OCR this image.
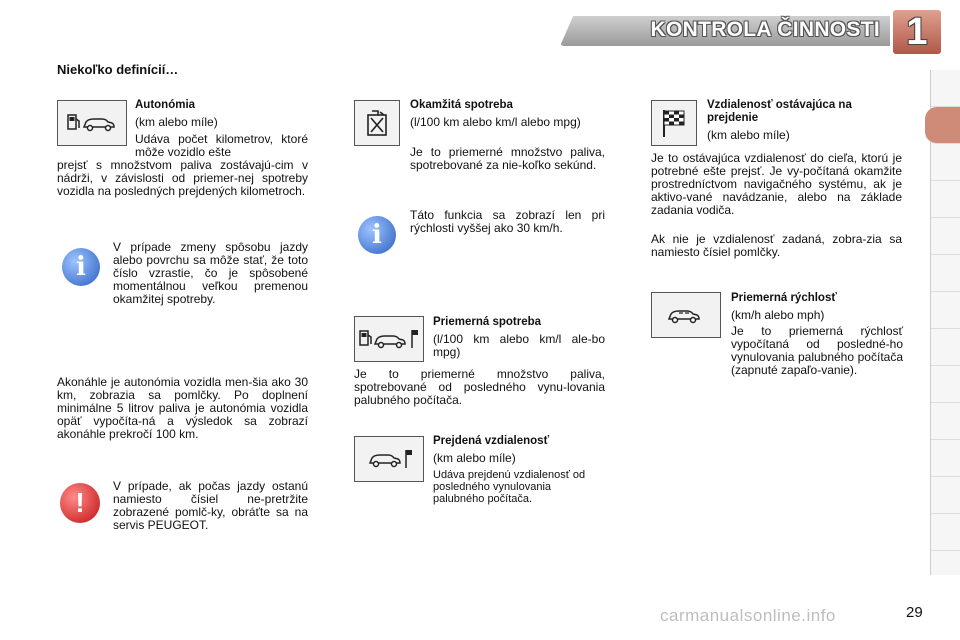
KONTROLA ČINNOSTI 1
Niekoľko definícií…
Autonómia
(km alebo míle)
Udáva počet kilometrov, ktoré môže vozidlo ešte
prejsť s množstvom paliva zostávajú-cim v nádrži, v závislosti od priemer-nej spotreby vozidla na posledných prejdených kilometroch.
i
V prípade zmeny spôsobu jazdy alebo povrchu sa môže stať, že toto číslo vzrastie, čo je spôsobené momentálnou veľkou premenou okamžitej spotreby.
Akonáhle je autonómia vozidla men-šia ako 30 km, zobrazia sa pomlčky. Po doplnení minimálne 5 litrov paliva je autonómia vozidla opäť vypočíta-ná a výsledok sa zobrazí akonáhle prekročí 100 km.
!
V prípade, ak počas jazdy ostanú namiesto čísiel ne-pretržite zobrazené pomlč-ky, obráťte sa na servis PEUGEOT.
Okamžitá spotreba
(l/100 km alebo km/l alebo mpg)
Je to priemerné množstvo paliva, spotrebované za nie-koľko sekúnd.
i
Táto funkcia sa zobrazí len pri rýchlosti vyššej ako 30 km/h.
Priemerná spotreba
(l/100 km alebo km/l ale-bo mpg)
Je to priemerné množstvo paliva, spotrebované od posledného vynu-lovania palubného počítača.
Prejdená vzdialenosť
(km alebo míle)
Udáva prejdenú vzdialenosť od posledného vynulovania palubného počítača.
Vzdialenosť ostávajúca na prejdenie
(km alebo míle)
Je to ostávajúca vzdialenosť do cieľa, ktorú je potrebné ešte prejsť. Je vy-počítaná okamžite prostredníctvom navigačného systému, ak je aktivo-vané navádzanie, alebo na základe zadania vodiča.
Ak nie je vzdialenosť zadaná, zobra-zia sa namiesto čísiel pomlčky.
Priemerná rýchlosť
(km/h alebo mph)
Je to priemerná rýchlosť vypočítaná od posledné-ho vynulovania palubného počítača (zapnuté zapaľo-vanie).
carmanualsonline.info	29
